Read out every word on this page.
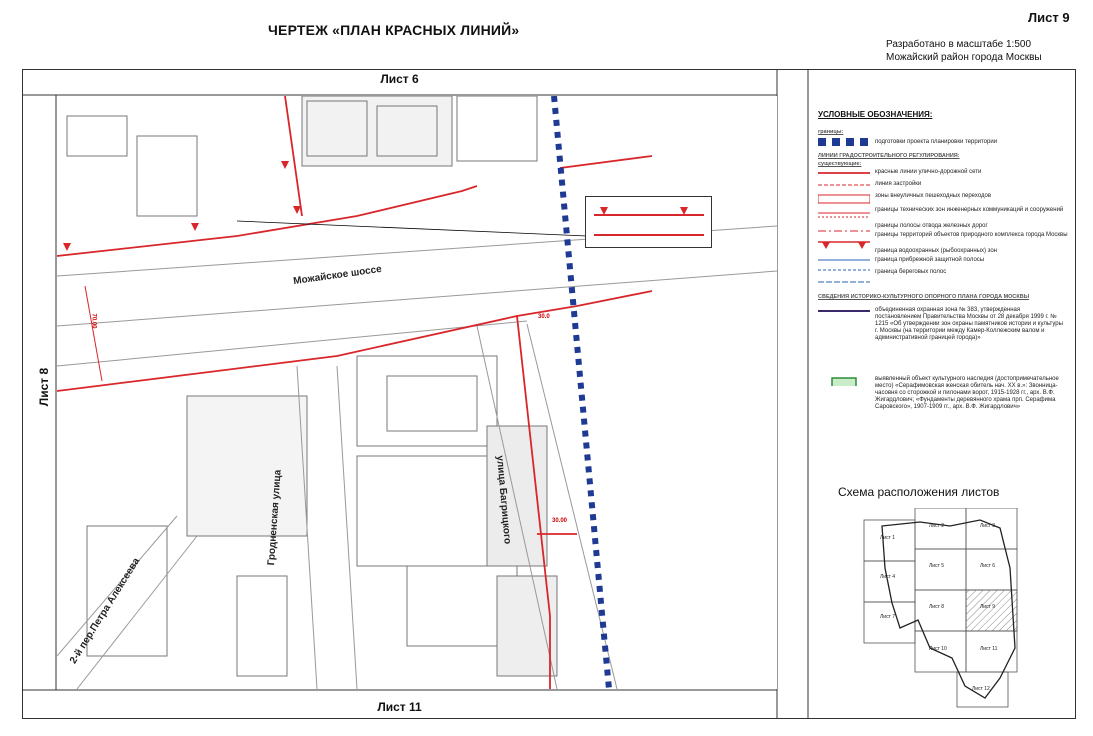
ЧЕРТЕЖ «ПЛАН КРАСНЫХ ЛИНИЙ»
Лист 9
Разработано в масштабе 1:500
Можайский район города Москвы
Лист 6
Лист 11
Лист 8
Можайское шоссе
улица Багрицкого
Гродненская улица
2-й пер.Петра Алексеева
70.00	30.0
30.00
УСЛОВНЫЕ ОБОЗНАЧЕНИЯ:
границы:
подготовки проекта планировки территории
ЛИНИИ ГРАДОСТРОИТЕЛЬНОГО РЕГУЛИРОВАНИЯ:
существующие:
красные линии улично-дорожной сети
линия застройки
зоны внеуличных пешеходных переходов
границы технических зон инженерных коммуникаций и сооружений
границы полосы отвода железных дорог
границы территорий объектов природного комплекса города Москвы
граница водоохранных (рыбоохранных) зон
граница прибрежной защитной полосы
граница береговых полос
СВЕДЕНИЯ ИСТОРИКО-КУЛЬТУРНОГО ОПОРНОГО ПЛАНА ГОРОДА МОСКВЫ
объединенная охранная зона № 383, утвержденная постановлением Правительства Москвы от 28 декабря 1999 г. № 1215 «Об утверждении зон охраны памятников истории и культуры г. Москвы (на территории между Камер-Коллежским валом и административной границей города)»
выявленный объект культурного наследия (достопримечательное место) «Серафимовская женская обитель нач. XX в.»: Звонница-часовня со сторожкой и пилонами ворот, 1915-1928 гг., арх. В.Ф. Жигардлович; «Фундаменты деревянного храма прп. Серафима Саровского», 1907-1909 гг., арх. В.Ф. Жигардлович»
Схема расположения листов
Лист 1
Лист 2	Лист 3
Лист 4
Лист 5	Лист 6
Лист 7
Лист 8	Лист 9
Лист 10	Лист 11
Лист 12
